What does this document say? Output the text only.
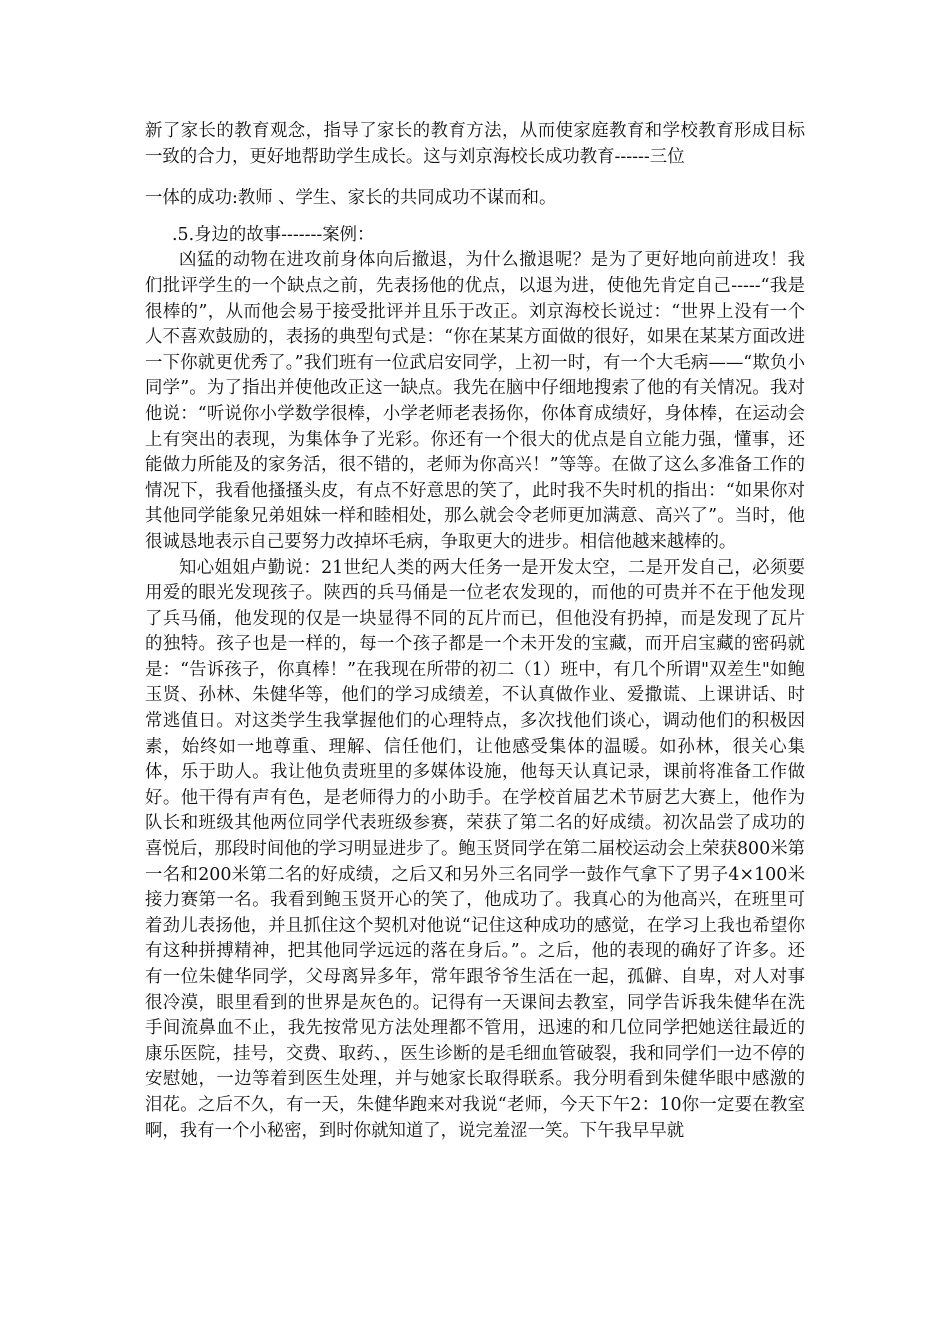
新了家长的教育观念，指导了家长的教育方法，从而使家庭教育和学校教育形成目标一致的合力，更好地帮助学生成长。这与刘京海校长成功教育------三位

一体的成功:教师 、学生、家长的共同成功不谋而和。

.5.身边的故事-------案例：

凶猛的动物在进攻前身体向后撤退，为什么撤退呢？是为了更好地向前进攻！我们批评学生的一个缺点之前，先表扬他的优点，以退为进，使他先肯定自己-----“我是很棒的”，从而他会易于接受批评并且乐于改正。刘京海校长说过：“世界上没有一个人不喜欢鼓励的，表扬的典型句式是：“你在某某方面做的很好，如果在某某方面改进一下你就更优秀了。”我们班有一位武启安同学，上初一时，有一个大毛病——“欺负小同学”。为了指出并使他改正这一缺点。我先在脑中仔细地搜索了他的有关情况。我对他说：“听说你小学数学很棒，小学老师老表扬你，你体育成绩好，身体棒，在运动会上有突出的表现，为集体争了光彩。你还有一个很大的优点是自立能力强，懂事，还能做力所能及的家务活，很不错的，老师为你高兴！”等等。在做了这么多准备工作的情况下，我看他搔搔头皮，有点不好意思的笑了，此时我不失时机的指出：“如果你对其他同学能象兄弟姐妹一样和睦相处，那么就会令老师更加满意、高兴了”。当时，他很诚恳地表示自己要努力改掉坏毛病，争取更大的进步。相信他越来越棒的。

知心姐姐卢勤说：21世纪人类的两大任务一是开发太空，二是开发自己，必须要用爱的眼光发现孩子。陕西的兵马俑是一位老农发现的，而他的可贵并不在于他发现了兵马俑，他发现的仅是一块显得不同的瓦片而已，但他没有扔掉，而是发现了瓦片的独特。孩子也是一样的，每一个孩子都是一个未开发的宝藏，而开启宝藏的密码就是：“告诉孩子，你真棒！”在我现在所带的初二（1）班中，有几个所谓"双差生"如鲍玉贤、孙林、朱健华等，他们的学习成绩差，不认真做作业、爱撒谎、上课讲话、时常逃值日。对这类学生我掌握他们的心理特点，多次找他们谈心，调动他们的积极因素，始终如一地尊重、理解、信任他们，让他感受集体的温暖。如孙林，很关心集体，乐于助人。我让他负责班里的多媒体设施，他每天认真记录，课前将准备工作做好。他干得有声有色，是老师得力的小助手。在学校首届艺术节厨艺大赛上，他作为队长和班级其他两位同学代表班级参赛，荣获了第二名的好成绩。初次品尝了成功的喜悦后，那段时间他的学习明显进步了。鲍玉贤同学在第二届校运动会上荣获800米第一名和200米第二名的好成绩，之后又和另外三名同学一鼓作气拿下了男子4×100米接力赛第一名。我看到鲍玉贤开心的笑了，他成功了。我真心的为他高兴，在班里可着劲儿表扬他，并且抓住这个契机对他说“记住这种成功的感觉，在学习上我也希望你有这种拼搏精神，把其他同学远远的落在身后。”。之后，他的表现的确好了许多。还有一位朱健华同学，父母离异多年，常年跟爷爷生活在一起，孤僻、自卑，对人对事很冷漠，眼里看到的世界是灰色的。记得有一天课间去教室，同学告诉我朱健华在洗手间流鼻血不止，我先按常见方法处理都不管用，迅速的和几位同学把她送往最近的康乐医院，挂号，交费、取药、，医生诊断的是毛细血管破裂，我和同学们一边不停的安慰她，一边等着到医生处理，并与她家长取得联系。我分明看到朱健华眼中感激的泪花。之后不久，有一天，朱健华跑来对我说“老师，今天下午2：10你一定要在教室啊，我有一个小秘密，到时你就知道了，说完羞涩一笑。下午我早早就
